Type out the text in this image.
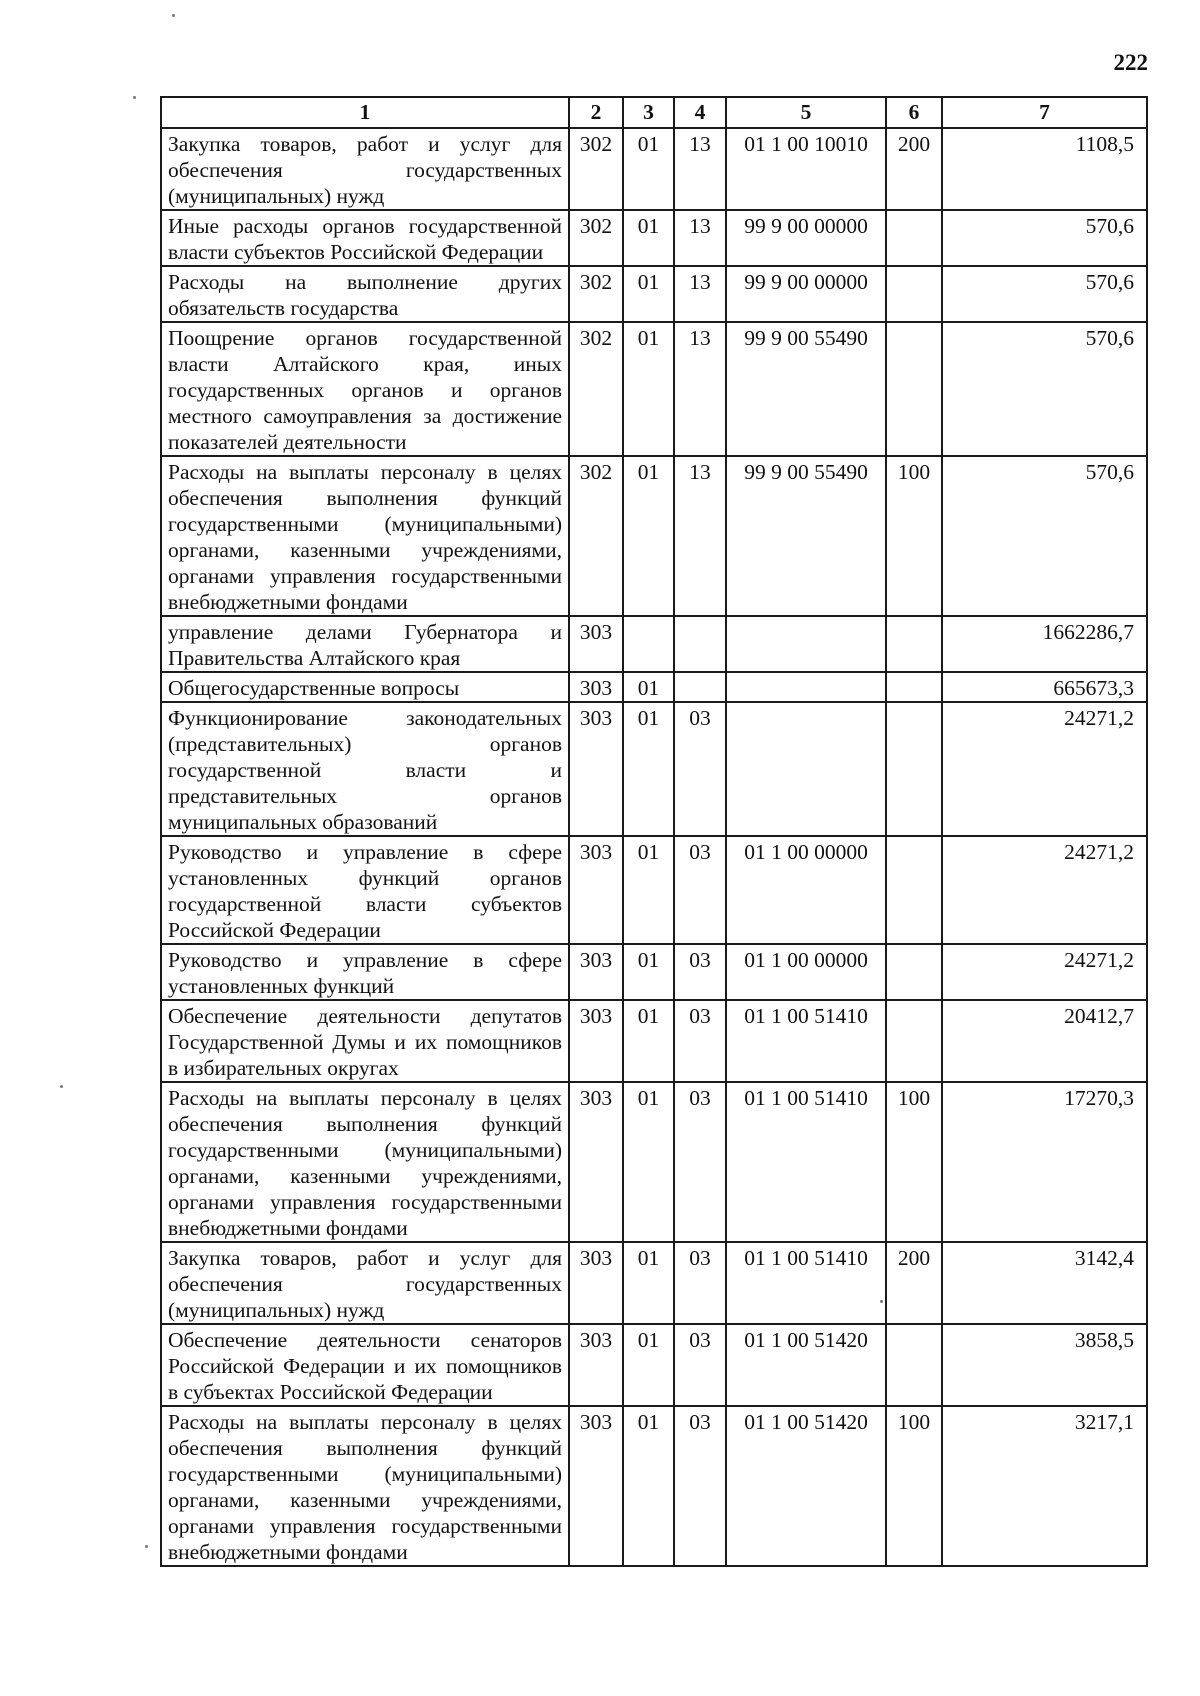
222
1	2	3	4	5	6	7
Закупка товаров, работ и услуг для обеспечения государственных (муниципальных) нужд	302	01	13	01 1 00 10010	200	1108,5
Иные расходы органов государственной власти субъектов Российской Федерации	302	01	13	99 9 00 00000		570,6
Расходы на выполнение других обязательств государства	302	01	13	99 9 00 00000		570,6
Поощрение органов государственной власти Алтайского края, иных государственных органов и органов местного самоуправления за достижение показателей деятельности	302	01	13	99 9 00 55490		570,6
Расходы на выплаты персоналу в целях обеспечения выполнения функций государственными (муниципальными) органами, казенными учреждениями, органами управления государственными внебюджетными фондами	302	01	13	99 9 00 55490	100	570,6
управление делами Губернатора и Правительства Алтайского края	303					1662286,7
Общегосударственные вопросы	303	01				665673,3
Функционирование законодательных (представительных) органов государственной власти и представительных органов муниципальных образований	303	01	03			24271,2
Руководство и управление в сфере установленных функций органов государственной власти субъектов Российской Федерации	303	01	03	01 1 00 00000		24271,2
Руководство и управление в сфере установленных функций	303	01	03	01 1 00 00000		24271,2
Обеспечение деятельности депутатов Государственной Думы и их помощников в избирательных округах	303	01	03	01 1 00 51410		20412,7
Расходы на выплаты персоналу в целях обеспечения выполнения функций государственными (муниципальными) органами, казенными учреждениями, органами управления государственными внебюджетными фондами	303	01	03	01 1 00 51410	100	17270,3
Закупка товаров, работ и услуг для обеспечения государственных (муниципальных) нужд	303	01	03	01 1 00 51410	200	3142,4
Обеспечение деятельности сенаторов Российской Федерации и их помощников в субъектах Российской Федерации	303	01	03	01 1 00 51420		3858,5
Расходы на выплаты персоналу в целях обеспечения выполнения функций государственными (муниципальными) органами, казенными учреждениями, органами управления государственными внебюджетными фондами	303	01	03	01 1 00 51420	100	3217,1
